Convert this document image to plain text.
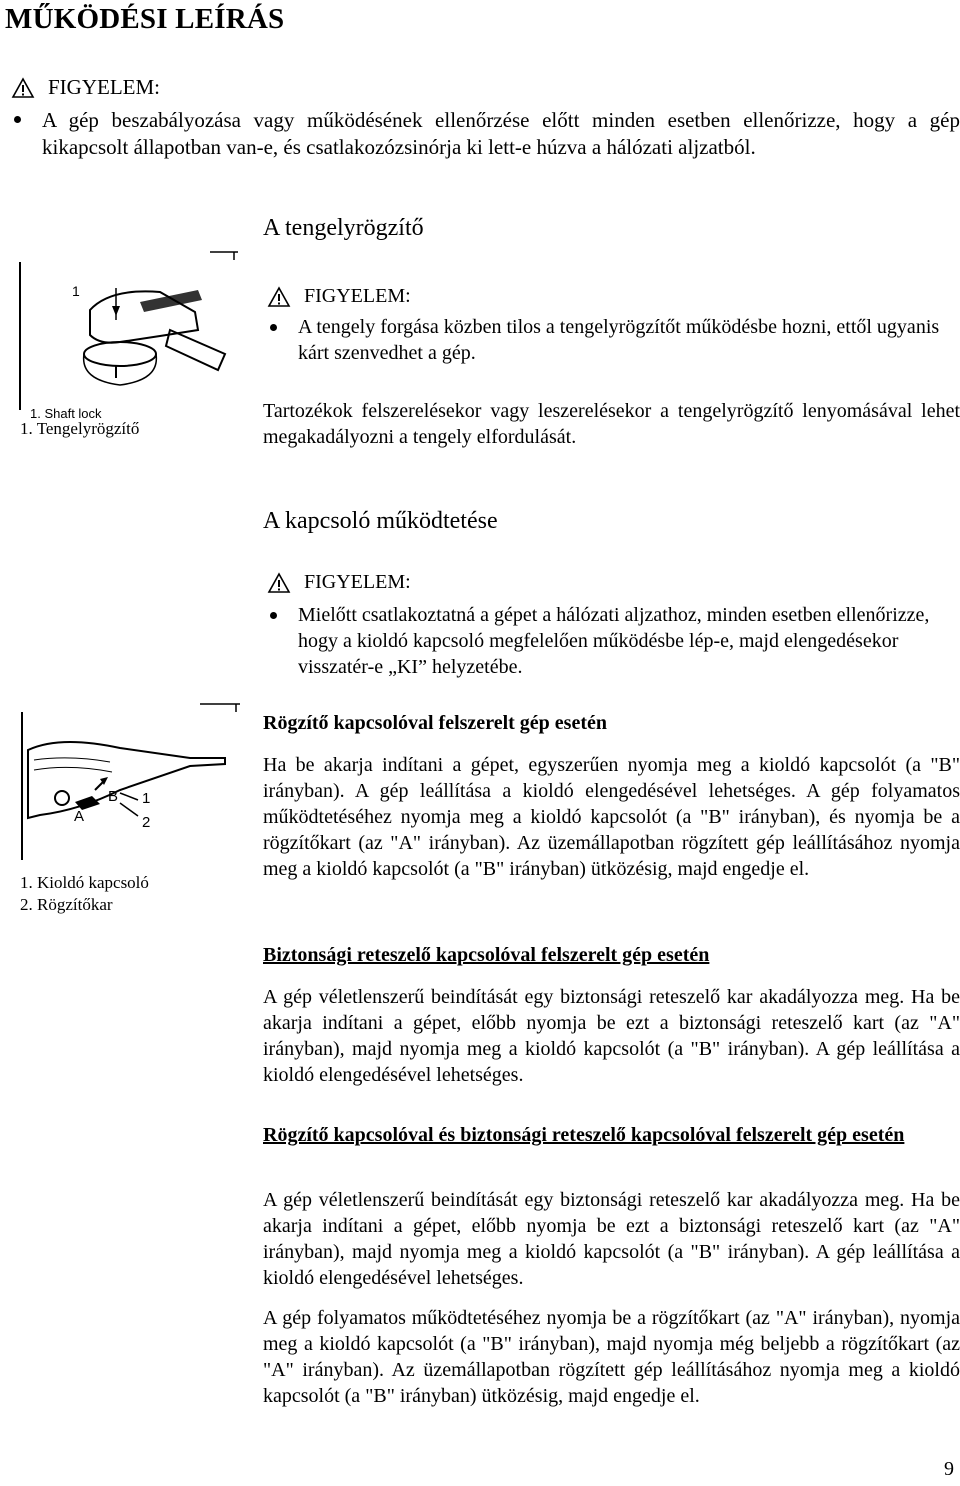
MŰKÖDÉSI LEÍRÁS
FIGYELEM:
A gép beszabályozása vagy működésének ellenőrzése előtt minden esetben ellenőrizze, hogy a gép kikapcsolt állapotban van-e, és csatlakozózsinórja ki lett-e húzva a hálózati aljzatból.
A tengelyrögzítő
1
1. Shaft lock
1. Tengelyrögzítő
FIGYELEM:
A tengely forgása közben tilos a tengelyrögzítőt működésbe hozni, ettől ugyanis kárt szenvedhet a gép.
Tartozékok felszerelésekor vagy leszerelésekor a tengelyrögzítő lenyomásával lehet megakadályozni a tengely elfordulását.
A kapcsoló működtetése
FIGYELEM:
Mielőtt csatlakoztatná a gépet a hálózati aljzathoz, minden esetben ellenőrizze, hogy a kioldó kapcsoló megfelelően működésbe lép-e, majd elengedésekor visszatér-e „KI” helyzetébe.
B 1
A	2
1. Kioldó kapcsoló
2. Rögzítőkar
Rögzítő kapcsolóval felszerelt gép esetén
Ha be akarja indítani a gépet, egyszerűen nyomja meg a kioldó kapcsolót (a "B" irányban). A gép leállítása a kioldó elengedésével lehetséges. A gép folyamatos működtetéséhez nyomja meg a kioldó kapcsolót (a "B" irányban), és nyomja be a rögzítőkart (az "A" irányban). Az üzemállapotban rögzített gép leállításához nyomja meg a kioldó kapcsolót (a "B" irányban) ütközésig, majd engedje el.
Biztonsági reteszelő kapcsolóval felszerelt gép esetén
A gép véletlenszerű beindítását egy biztonsági reteszelő kar akadályozza meg. Ha be akarja indítani a gépet, előbb nyomja be ezt a biztonsági reteszelő kart (az "A" irányban), majd nyomja meg a kioldó kapcsolót (a "B" irányban). A gép leállítása a kioldó elengedésével lehetséges.
Rögzítő kapcsolóval és biztonsági reteszelő kapcsolóval felszerelt gép esetén
A gép véletlenszerű beindítását egy biztonsági reteszelő kar akadályozza meg. Ha be akarja indítani a gépet, előbb nyomja be ezt a biztonsági reteszelő kart (az "A" irányban), majd nyomja meg a kioldó kapcsolót (a "B" irányban). A gép leállítása a kioldó elengedésével lehetséges.
A gép folyamatos működtetéséhez nyomja be a rögzítőkart (az "A" irányban), nyomja meg a kioldó kapcsolót (a "B" irányban), majd nyomja még beljebb a rögzítőkart (az "A" irányban). Az üzemállapotban rögzített gép leállításához nyomja meg a kioldó kapcsolót (a "B" irányban) ütközésig, majd engedje el.
9
